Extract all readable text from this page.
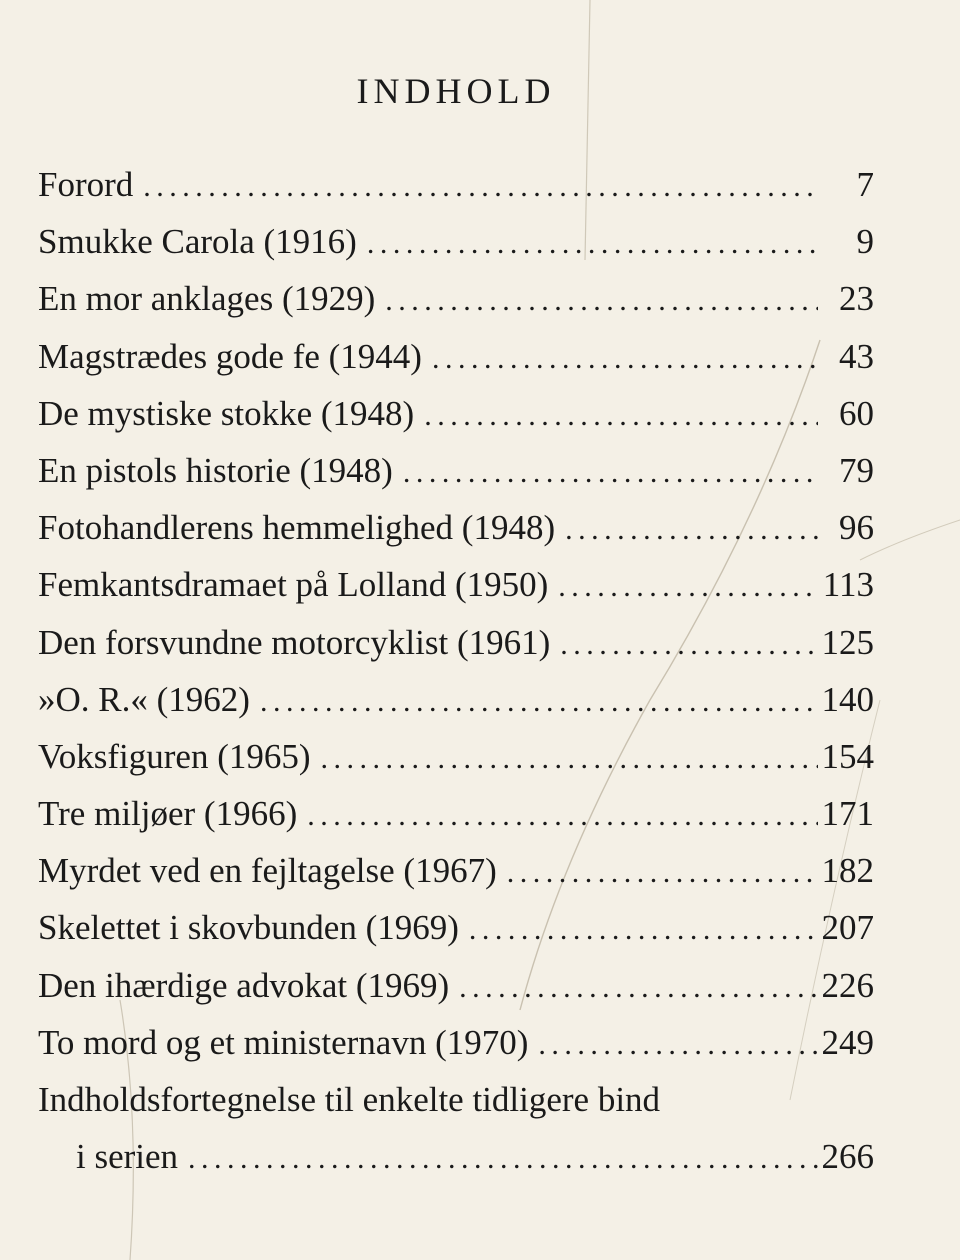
INDHOLD
Forord . . .	7
Smukke Carola (1916) . . .	9
En mor anklages (1929) . . .	23
Magstrædes gode fe (1944) . . .	43
De mystiske stokke (1948) . . .	60
En pistols historie (1948) . . .	79
Fotohandlerens hemmelighed (1948) . . .	96
Femkantsdramaet på Lolland (1950) . . .	113
Den forsvundne motorcyklist (1961) . . .	125
»O. R.« (1962) . . .	140
Voksfiguren (1965) . . .	154
Tre miljøer (1966) . . .	171
Myrdet ved en fejltagelse (1967) . . .	182
Skelettet i skovbunden (1969) . . .	207
Den ihærdige advokat (1969) . . .	226
To mord og et ministernavn (1970) . . .	249
Indholdsfortegnelse til enkelte tidligere bind
i serien . . .	266
